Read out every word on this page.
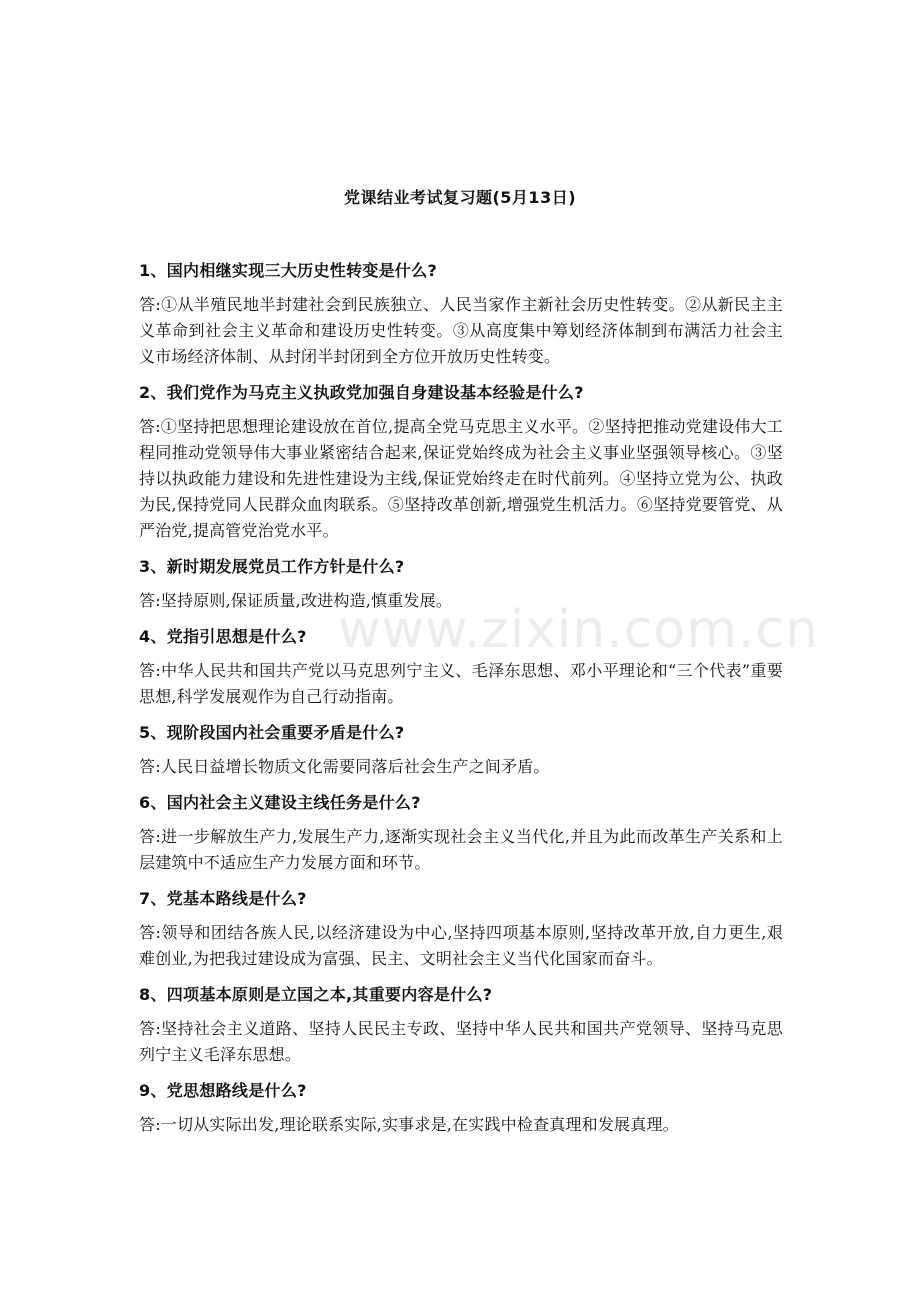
党课结业考试复习题(5月13日)
www.zixin.com.cn
1、国内相继实现三大历史性转变是什么?
答:①从半殖民地半封建社会到民族独立、人民当家作主新社会历史性转变。②从新民主主义革命到社会主义革命和建设历史性转变。③从高度集中筹划经济体制到布满活力社会主义市场经济体制、从封闭半封闭到全方位开放历史性转变。
2、我们党作为马克主义执政党加强自身建设基本经验是什么?
答:①坚持把思想理论建设放在首位,提高全党马克思主义水平。②坚持把推动党建设伟大工程同推动党领导伟大事业紧密结合起来,保证党始终成为社会主义事业坚强领导核心。③坚持以执政能力建设和先进性建设为主线,保证党始终走在时代前列。④坚持立党为公、执政为民,保持党同人民群众血肉联系。⑤坚持改革创新,增强党生机活力。⑥坚持党要管党、从严治党,提高管党治党水平。
3、新时期发展党员工作方针是什么?
答:坚持原则,保证质量,改进构造,慎重发展。
4、党指引思想是什么?
答:中华人民共和国共产党以马克思列宁主义、毛泽东思想、邓小平理论和“三个代表”重要思想,科学发展观作为自己行动指南。
5、现阶段国内社会重要矛盾是什么?
答:人民日益增长物质文化需要同落后社会生产之间矛盾。
6、国内社会主义建设主线任务是什么?
答:进一步解放生产力,发展生产力,逐渐实现社会主义当代化,并且为此而改革生产关系和上层建筑中不适应生产力发展方面和环节。
7、党基本路线是什么?
答:领导和团结各族人民,以经济建设为中心,坚持四项基本原则,坚持改革开放,自力更生,艰难创业,为把我过建设成为富强、民主、文明社会主义当代化国家而奋斗。
8、四项基本原则是立国之本,其重要内容是什么?
答:坚持社会主义道路、坚持人民民主专政、坚持中华人民共和国共产党领导、坚持马克思列宁主义毛泽东思想。
9、党思想路线是什么?
答:一切从实际出发,理论联系实际,实事求是,在实践中检查真理和发展真理。
